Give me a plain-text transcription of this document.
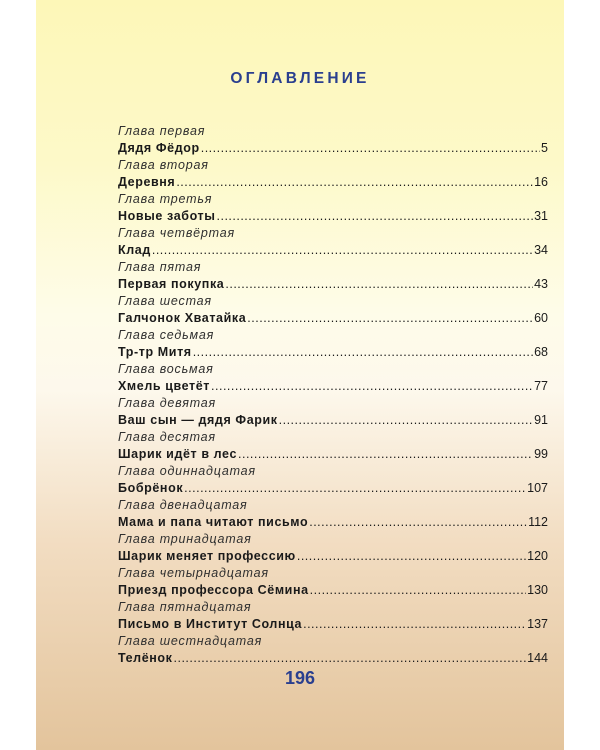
ОГЛАВЛЕНИЕ
Глава первая
Дядя Фёдор .....	5
Глава вторая
Деревня .....	16
Глава третья
Новые заботы .....	31
Глава четвёртая
Клад .....	34
Глава пятая
Первая покупка .....	43
Глава шестая
Галчонок Хватайка .....	60
Глава седьмая
Тр-тр Митя .....	68
Глава восьмая
Хмель цветёт .....	77
Глава девятая
Ваш сын — дядя Фарик .....	91
Глава десятая
Шарик идёт в лес .....	99
Глава одиннадцатая
Бобрёнок .....	107
Глава двенадцатая
Мама и папа читают письмо .....	112
Глава тринадцатая
Шарик меняет профессию .....	120
Глава четырнадцатая
Приезд профессора Сёмина .....	130
Глава пятнадцатая
Письмо в Институт Солнца .....	137
Глава шестнадцатая
Телёнок .....	144
196
